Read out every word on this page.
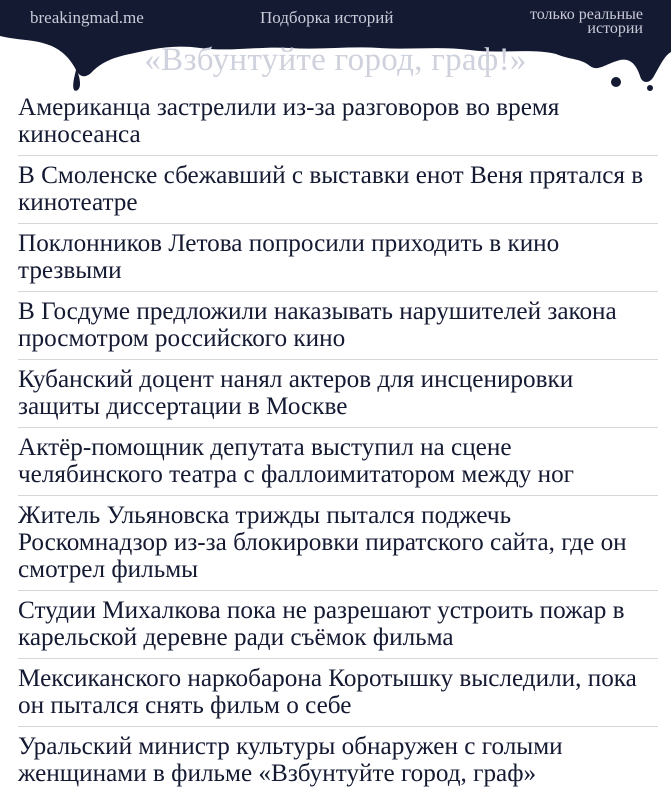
breakingmad.me	Подборка историй	только реальные истории
«Взбунтуйте город, граф!»
Американца застрелили из-за разговоров во время киносеанса
В Смоленске сбежавший с выставки енот Веня прятался в кинотеатре
Поклонников Летова попросили приходить в кино трезвыми
В Госдуме предложили наказывать нарушителей закона просмотром российского кино
Кубанский доцент нанял актеров для инсценировки защиты диссертации в Москве
Актёр-помощник депутата выступил на сцене челябинского театра с фаллоимитатором между ног
Житель Ульяновска трижды пытался поджечь Роскомнадзор из-за блокировки пиратского сайта, где он смотрел фильмы
Студии Михалкова пока не разрешают устроить пожар в карельской деревне ради съёмок фильма
Мексиканского наркобарона Коротышку выследили, пока он пытался снять фильм о себе
Уральский министр культуры обнаружен с голыми женщинами в фильме «Взбунтуйте город, граф»
